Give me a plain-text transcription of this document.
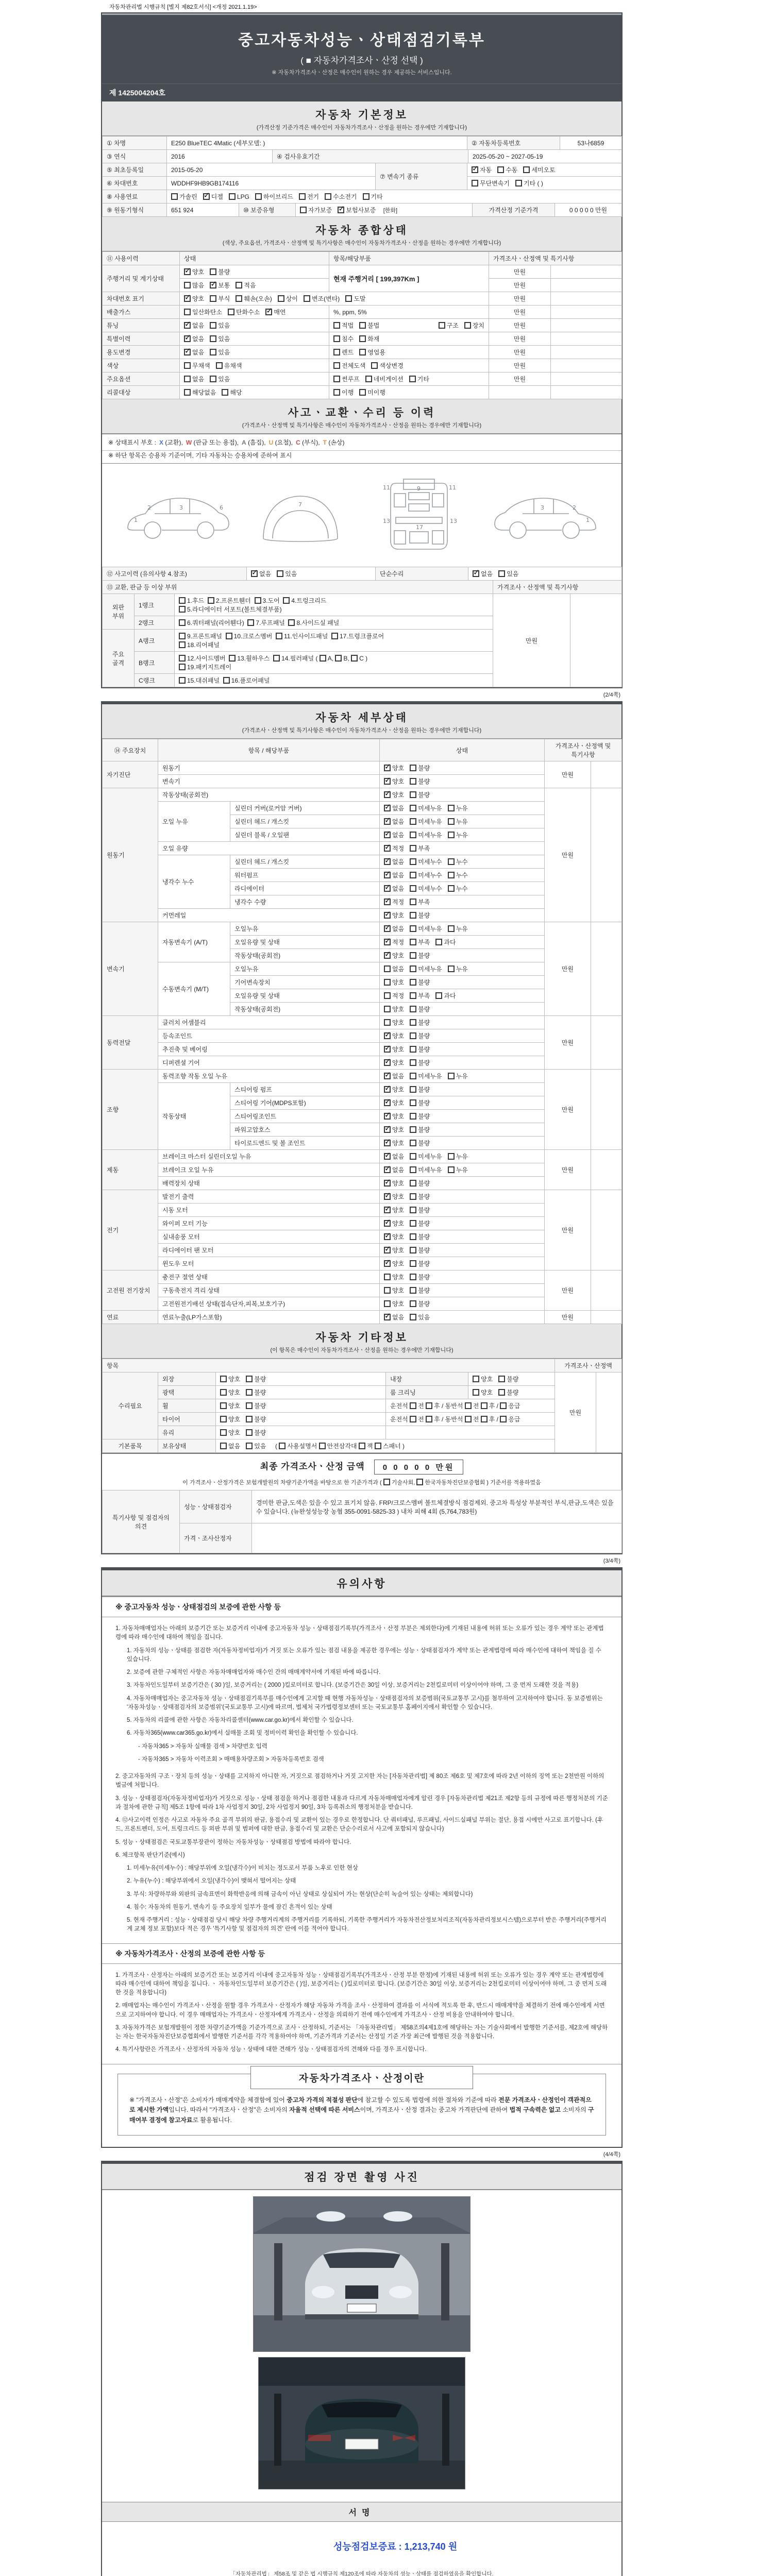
자동차관리법 시행규칙 [별지 제82호서식] <개정 2021.1.19>
중고자동차성능ㆍ상태점검기록부
( ■ 자동차가격조사ㆍ산정 선택 )
※ 자동차가격조사ㆍ산정은 매수인이 원하는 경우 제공하는 서비스입니다.
제 1425004204호
자동차 기본정보
(가격산정 기준가격은 매수인이 자동차가격조사ㆍ산정을 원하는 경우에만 기재합니다)
① 차명	E250 BlueTEC 4Matic (세부모델: )	② 자동차등록번호	53나6859
③ 연식	2016	④ 검사유효기간	2025-05-20 ~ 2027-05-19
⑤ 최초등록일	2015-05-20	⑦ 변속기 종류	✓자동 수동 세미오토
⑥ 차대번호	WDDHF9HB9GB174116		무단변속기 기타 ( )
⑧ 사용연료	가솔린 ✓ 디젤 LPG 하이브리드 전기 수소전기 기타
⑨ 원동기형식	651 924	⑩ 보증유형	자가보증 ✓ 보험사보증 [한화]	가격산정 기준가격	0 0 0 0 0 만원
자동차 종합상태
(색상, 주요옵션, 가격조사ㆍ산정액 및 특기사항은 매수인이 자동차가격조사ㆍ산정을 원하는 경우에만 기재합니다)
⑪ 사용이력	상태	항목/해당부품	가격조사ㆍ산정액 및 특기사항	
주행거리 및 계기상태	✓양호 불량	현재 주행거리 [ 199,397Km ]	만원	
	많음 ✓ 보통 적음		만원	
차대번호 표기	✓양호 부식 훼손(오손) 상이 변조(변타) 도말		만원	
배출가스	일산화탄소 탄화수소 ✓ 매연	%, ppm, 5%	만원	
튜닝	✓없음 있음	적법 불법 구조 장치	만원	
특별이력	✓없음 있음	침수 화재	만원	
용도변경	✓없음 있음	렌트 영업용	만원	
색상	무채색 유채색	전체도색 색상변경	만원	
주요옵션	없음 있음	썬루프 네비게이션 기타	만원	
리콜대상	해당없음 해당	이행 미이행		
사고ㆍ교환ㆍ수리 등 이력
(가격조사ㆍ산정액 및 특기사항은 매수인이 자동차가격조사ㆍ산정을 원하는 경우에만 기재합니다)
※ 상태표시 부호 : X (교환), W (판금 또는 용접), A (흠집), U (요철), C (부식), T (손상)
※ 하단 항목은 승용차 기준이며, 기타 자동차는 승용차에 준하여 표시
2	3
1
6	7
11	11
9
13	13
17
2
3
1
⑫ 사고이력 (유의사항 4.참조)	✓없음 있음	단순수리	✓없음 있음
⑬ 교환, 판금 등 이상 부위			가격조사ㆍ산정액 및 특기사항	
외판 부위	1랭크	1.후드 2.프론트휀더 3.도어 4.트렁크리드
5.라디에이터 서포트(볼트체결부품)	만원	
	2랭크	6.쿼터패널(리어휀다) 7.루프패널 8.사이드실 패널		
주요 골격	A랭크	9.프론트패널 10.크로스멤버 11.인사이드패널 17.트렁크플로어
18.리어패널		
	B랭크	12.사이드멤버 13.휠하우스 14.필러패널 ( A, B, C )
19.패키지트레이		
	C랭크	15.대쉬패널 16.플로어패널		
(2/4쪽)
자동차 세부상태
(가격조사ㆍ산정액 및 특기사항은 매수인이 자동차가격조사ㆍ산정을 원하는 경우에만 기재합니다)
⑭ 주요장치	항목 / 해당부품		상태	가격조사ㆍ산정액 및 특기사항	
자기진단	원동기	✓양호 불량	만원	
	변속기	✓양호 불량
원동기	작동상태(공회전)	✓양호 불량	만원	
	오일 누유	실린더 커버(로커암 커버)	✓없음 미세누유 누유
		실린더 헤드 / 개스킷	✓없음 미세누유 누유
		실린더 블록 / 오일팬	✓없음 미세누유 누유
	오일 유량	✓적정 부족
	냉각수 누수	실린더 헤드 / 개스킷	✓없음 미세누수 누수
		워터펌프	✓없음 미세누수 누수
		라디에이터	✓없음 미세누수 누수
		냉각수 수량	✓적정 부족
	커먼레일	✓양호 불량
변속기	자동변속기 (A/T)	오일누유	✓없음 미세누유 누유	만원	
		오일유량 및 상태	✓적정 부족 과다
		작동상태(공회전)	✓양호 불량
	수동변속기 (M/T)	오일누유	없음 미세누유 누유		
		기어변속장치	양호 불량		
		오일유량 및 상태	적정 부족 과다		
		작동상태(공회전)	양호 불량		
동력전달	클러치 어셈블리		양호 불량	만원	
	등속조인트	✓양호 불량
	추진축 및 베어링	✓양호 불량
	디퍼렌셜 기어	✓양호 불량
조향	동력조향 작동 오일 누유	✓없음 미세누유 누유	만원	
	작동상태	스티어링 펌프	✓양호 불량
		스티어링 기어(MDPS포함)	✓양호 불량
		스티어링조인트	✓양호 불량
		파워고압호스	✓양호 불량
		타이로드엔드 및 볼 조인트	✓양호 불량
제동	브레이크 마스터 실린더오일 누유	✓없음 미세누유 누유	만원	
	브레이크 오일 누유	✓없음 미세누유 누유
	배력장치 상태	✓양호 불량
전기	발전기 출력	✓양호 불량	만원	
	시동 모터	✓양호 불량
	와이퍼 모터 기능	✓양호 불량
	실내송풍 모터	✓양호 불량
	라디에이터 팬 모터	✓양호 불량
	윈도우 모터	✓양호 불량
고전원 전기장치	충전구 절연 상태		양호 불량	만원	
	구동축전지 격리 상태		양호 불량		
	고전원전기배선 상태(접속단자,피복,보호기구)		양호 불량		
연료	연료누출(LP가스포함)	✓없음 있음	만원	
자동차 기타정보
(이 항목은 매수인이 자동차가격조사ㆍ산정을 원하는 경우에만 기재합니다)
항목					가격조사ㆍ산정액	
수리필요	외장	양호 불량	내장	양호 불량	만원	
	광택	양호 불량	룸 크리닝	양호 불량		
	휠	양호 불량	운전석 전 후 / 동반석 전 후 / 응급			
	타이어	양호 불량	운전석 전 후 / 동반석 전 후 / 응급			
	유리	양호 불량				
기본품목	보유상태	없음 있음  ( 사용설명서 안전삼각대 잭 스패너 )				
최종 가격조사ㆍ산정 금액 0 0 0 0 0 만원
이 가격조사ㆍ산정가격은 보험개발원의 차량기준가액을 바탕으로 한 기준가격과 ( 기술사회, 한국자동차진단보증협회 ) 기준서를 적용하였음
특기사항 및 점검자의 의견	성능ㆍ상태점검자	경미한 판금,도색은 있을 수 있고 표기치 않음. FRP/크로스멤버 볼트체결방식 점검제외. 중고차 특성상 부분적인 부식,판금,도색은 있을 수 있습니다. (뉴완성성능장 농협 355-0091-5825-33 ) 내차 피해 4회 (5,764,783원)
	가격ㆍ조사산정자	
(3/4쪽)
유의사항
※ 중고자동차 성능ㆍ상태점검의 보증에 관한 사항 등
1. 자동차매매업자는 아래의 보증기간 또는 보증거리 이내에 중고자동차 성능ㆍ상태점검기록부(가격조사ㆍ산정 부분은 제외한다)에 기재된 내용에 허위 또는 오류가 있는 경우 계약 또는 관계법령에 따라 매수인에 대하여 책임을 집니다.
1. 자동차의 성능ㆍ상태를 점검한 자(자동차정비업자)가 거짓 또는 오류가 있는 점검 내용을 제공한 경우에는 성능ㆍ상태점검자가 계약 또는 관계법령에 따라 매수인에 대하여 책임을 질 수 있습니다.
2. 보증에 관한 구체적인 사항은 자동차매매업자와 매수인 간의 매매계약서에 기재된 바에 따릅니다.
3. 자동차인도일부터 보증기간은 ( 30 )일, 보증거리는 ( 2000 )킬로미터로 합니다. (보증기간은 30일 이상, 보증거리는 2천킬로미터 이상이어야 하며, 그 중 먼저 도래한 것을 적용)
4. 자동차매매업자는 중고자동차 성능ㆍ상태점검기록부를 매수인에게 고지할 때 현행 자동차성능ㆍ상태점검자의 보증범위(국토교통부 고시)를 첨부하여 고지하여야 합니다. 동 보증범위는 '자동차성능ㆍ상태점검자의 보증범위'(국토교통부 고시)에 따르며, 법제처 국가법령정보센터 또는 국토교통부 홈페이지에서 확인할 수 있습니다.
5. 자동차의 리콜에 관한 사항은 자동차리콜센터(www.car.go.kr)에서 확인할 수 있습니다.
6. 자동차365(www.car365.go.kr)에서 실매물 조회 및 정비이력 확인을 확인할 수 있습니다.
- 자동차365 > 자동차 실매물 검색 > 차량번호 입력
- 자동차365 > 자동차 이력조회 > 매매용차량조회 > 자동차등록번호 검색
2. 중고자동차의 구조ㆍ장치 등의 성능ㆍ상태를 고지하지 아니한 자, 거짓으로 점검하거나 거짓 고지한 자는 [자동차관리법] 제 80조 제6호 및 제7호에 따라 2년 이하의 징역 또는 2천만원 이하의 벌금에 처합니다.
3. 성능ㆍ상태점검자(자동차정비업자)가 거짓으로 성능ㆍ상태 점검을 하거나 점검한 내용과 다르게 자동차매매업자에게 알린 경우 [자동차관리법 제21조 제2항 등의 규정에 따른 행정처분의 기준과 절차에 관한 규칙] 제5조 1항에 따라 1차 사업정지 30일, 2차 사업정지 90일, 3차 등록취소의 행정처분을 받습니다.
4. ⑫사고이력 인정은 사고로 자동차 주요 골격 부위의 판금, 용접수리 및 교환이 있는 경우로 한정합니다. 단 쿼터패널, 루프패널, 사이드실패널 부위는 절단, 용접 시에만 사고로 표기합니다. (후드, 프론트펜더, 도어, 트렁크리드 등 외판 부위 및 범퍼에 대한 판금, 용접수리 및 교환은 단순수리로서 사고에 포함되지 않습니다)
5. 성능ㆍ상태점검은 국토교통부장관이 정하는 자동차성능ㆍ상태점검 방법에 따라야 합니다.
6. 체크항목 판단기준(예시)
1. 미세누유(미세누수) : 해당부위에 오일(냉각수)이 비치는 정도로서 부품 노후로 인한 현상
2. 누유(누수) : 해당부위에서 오일(냉각수)이 맺혀서 떨어지는 상태
3. 부식: 차량하부와 외판의 금속표면이 화학반응에 의해 금속이 아닌 상태로 상실되어 가는 현상(단순히 녹슬어 있는 상태는 제외합니다)
4. 침수: 자동차의 원동기, 변속기 등 주요장치 일부가 물에 잠긴 흔적이 있는 상태
5. 현재 주행거리 : 성능ㆍ상태점검 당시 해당 차량 주행거리계의 주행거리를 기록하되, 기록한 주행거리가 자동차전산정보처리조직(자동차관리정보시스템)으로부터 받은 주행거리(주행거리계 교체 정보 포함)보다 적은 경우 '특기사항 및 점검자의 의견' 란에 이를 적어야 합니다.
※ 자동차가격조사ㆍ산정의 보증에 관한 사항 등
1. 가격조사ㆍ산정자는 아래의 보증기간 또는 보증거리 이내에 중고자동차 성능ㆍ상태점검기록부(가격조사ㆍ산정 부분 한정)에 기재된 내용에 허위 또는 오류가 있는 경우 계약 또는 관계법령에 따라 매수인에 대하여 책임을 집니다. ㆍ 자동차인도일부터 보증기간은 ( )일, 보증거리는 ( )킬로미터로 합니다. (보증기간은 30일 이상, 보증거리는 2천킬로미터 이상이어야 하며, 그 중 먼저 도래한 것을 적용합니다)
2. 매매업자는 매수인이 가격조사ㆍ산정을 원할 경우 가격조사ㆍ산정자가 해당 자동차 가격을 조사ㆍ산정하여 결과를 이 서식에 적도록 한 후, 반드시 매매계약을 체결하기 전에 매수인에게 서면으로 고지하여야 합니다. 이 경우 매매업자는 가격조사ㆍ산정자에게 가격조사ㆍ산정을 의뢰하기 전에 매수인에게 가격조사ㆍ산정 비용을 안내하여야 합니다.
3. 자동차가격은 보험개발원이 정한 차량기준가액을 기준가격으로 조사ㆍ산정하되, 기준서는 「자동차관리법」 제58조의4제1호에 해당하는 자는 기술사회에서 발행한 기준서를, 제2호에 해당하는 자는 한국자동차진단보증협회에서 발행한 기준서를 각각 적용하여야 하며, 기준가격과 기준서는 산정일 기준 가장 최근에 발행된 것을 적용합니다.
4. 특기사항란은 가격조사ㆍ산정자의 자동차 성능ㆍ상태에 대한 견해가 성능ㆍ상태점검자의 견해와 다를 경우 표시합니다.
자동차가격조사ㆍ산정이란

※ "가격조사ㆍ산정"은 소비자가 매매계약을 체결함에 있어 중고차 가격의 적절성 판단에 참고할 수 있도록 법령에 의한 절차와 기준에 따라 전문 가격조사ㆍ산정인이 객관적으로 제시한 가액입니다. 따라서 "가격조사ㆍ산정"은 소비자의 자율적 선택에 따른 서비스이며, 가격조사ㆍ산정 결과는 중고차 가격판단에 관하여 법적 구속력은 없고 소비자의 구매여부 결정에 참고자료로 활용됩니다.

(4/4쪽)
점검 장면 촬영 사진
서명
성능점검보증료 : 1,213,740 원
「자동차관리법」 제58조 및 같은 법 시행규칙 제120조에 따라 자동차의 성능ㆍ상태를 점검하였음을 확인합니다.
